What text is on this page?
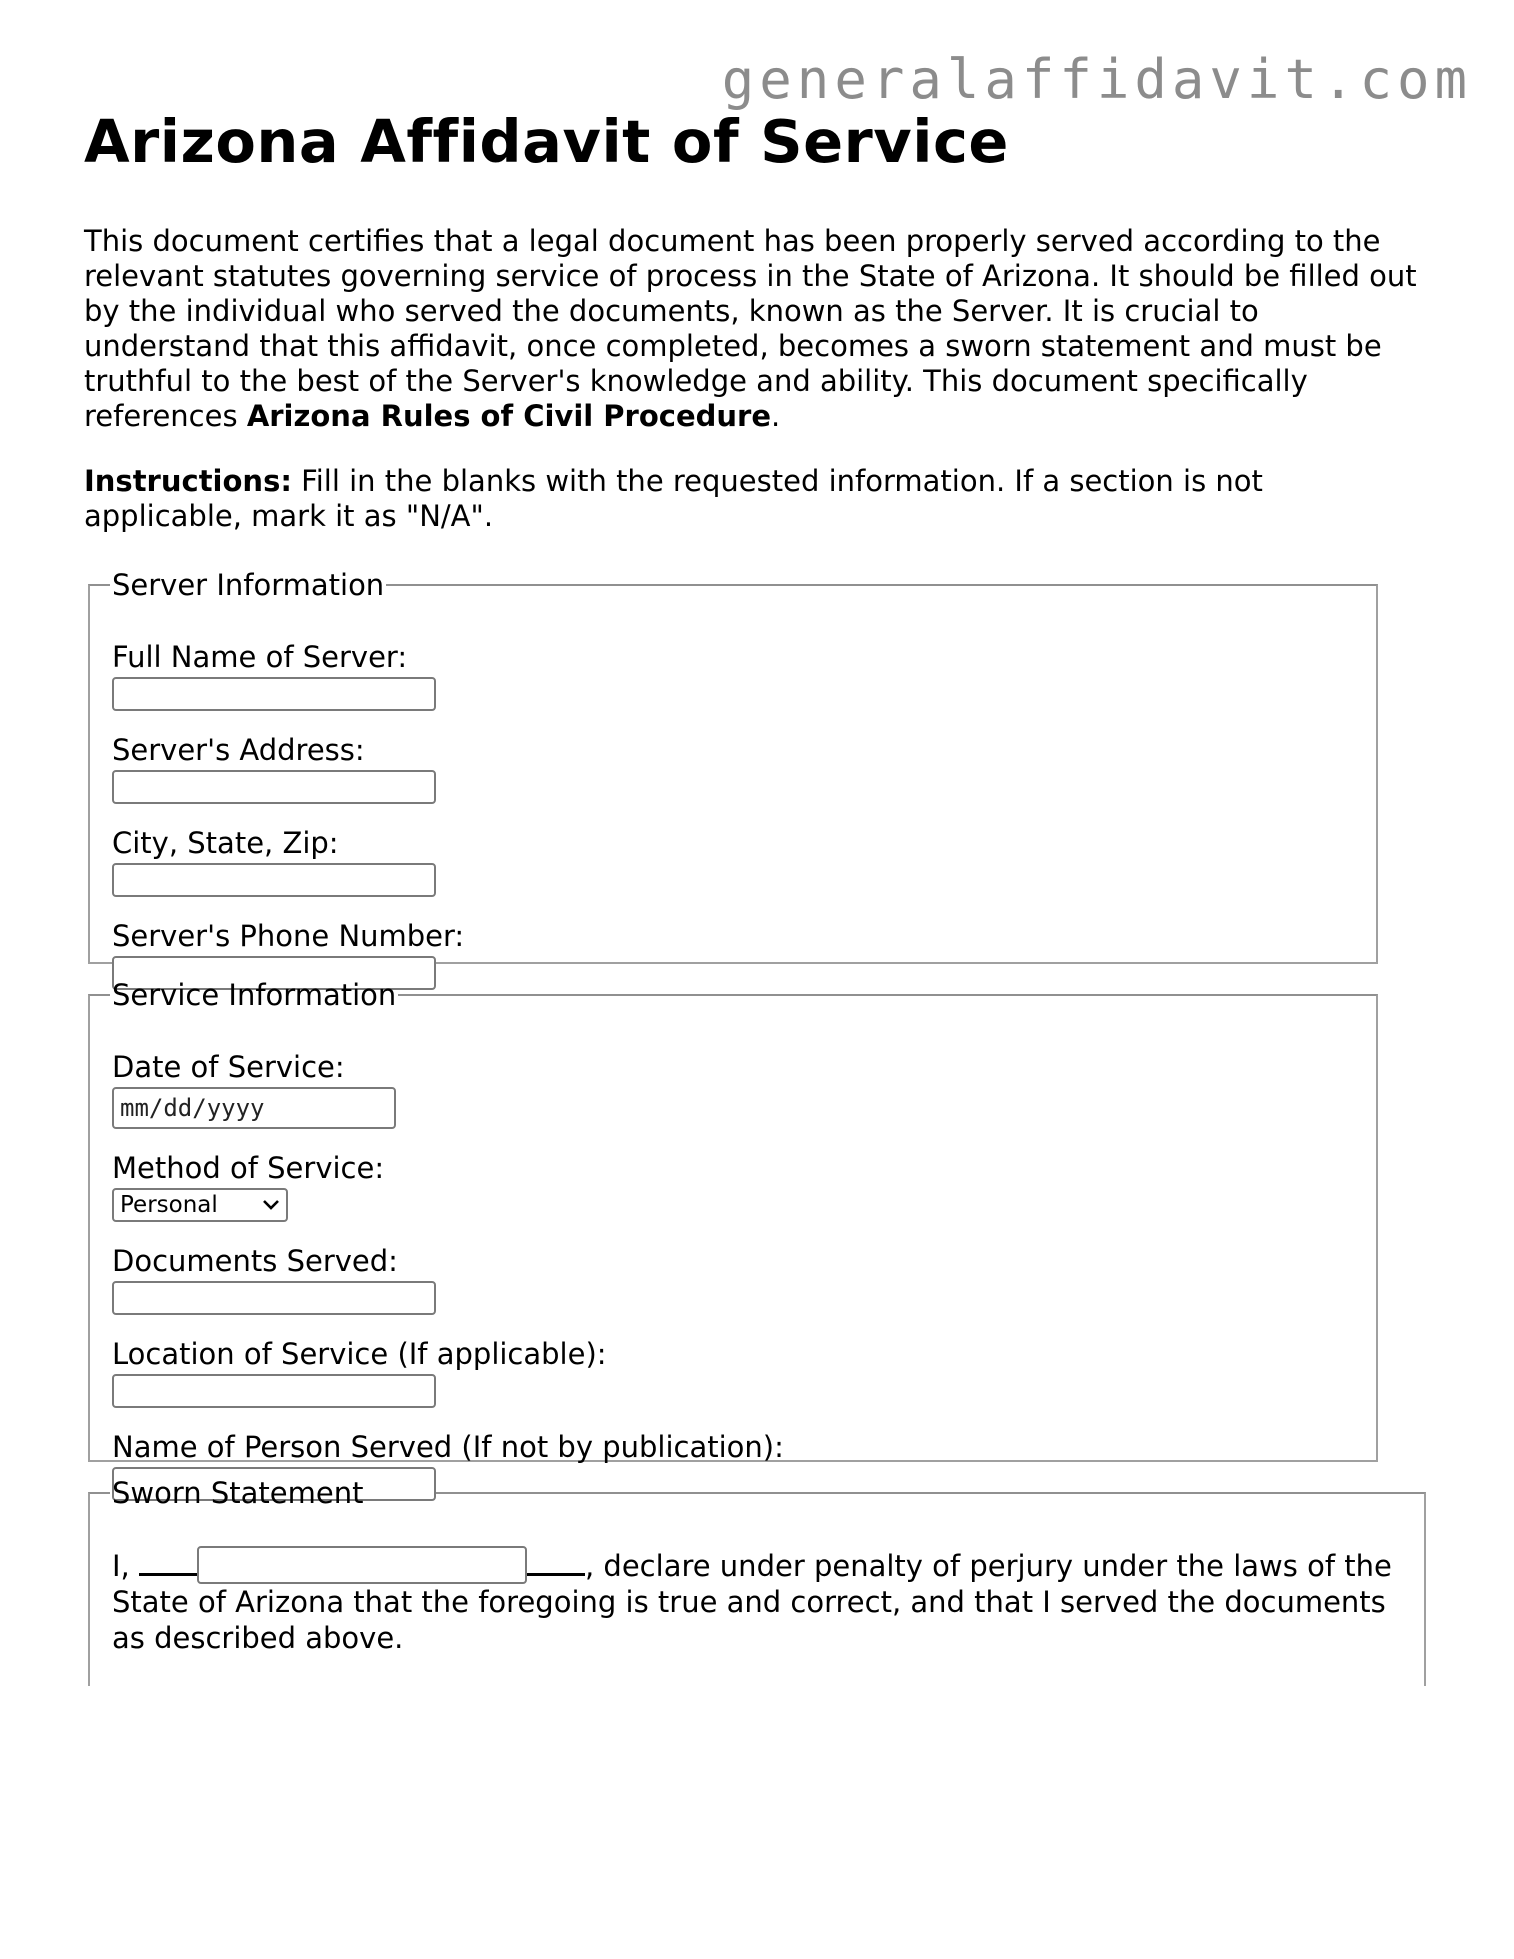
generalaffidavit.com
Arizona Affidavit of Service

This document certifies that a legal document has been properly served according to the relevant statutes governing service of process in the State of Arizona. It should be filled out by the individual who served the documents, known as the Server. It is crucial to understand that this affidavit, once completed, becomes a sworn statement and must be truthful to the best of the Server's knowledge and ability. This document specifically references Arizona Rules of Civil Procedure.

Instructions: Fill in the blanks with the requested information. If a section is not applicable, mark it as "N/A".

Server Information
Full Name of Server:
Server's Address:
City, State, Zip:
Server's Phone Number:
Service Information
Date of Service:
mm/dd/yyyy
Method of Service:
Personal
Documents Served:
Location of Service (If applicable):
Name of Person Served (If not by publication):
Sworn Statement
I,	, declare under penalty of perjury under the laws of the State of Arizona that the foregoing is true and correct, and that I served the documents as described above.
